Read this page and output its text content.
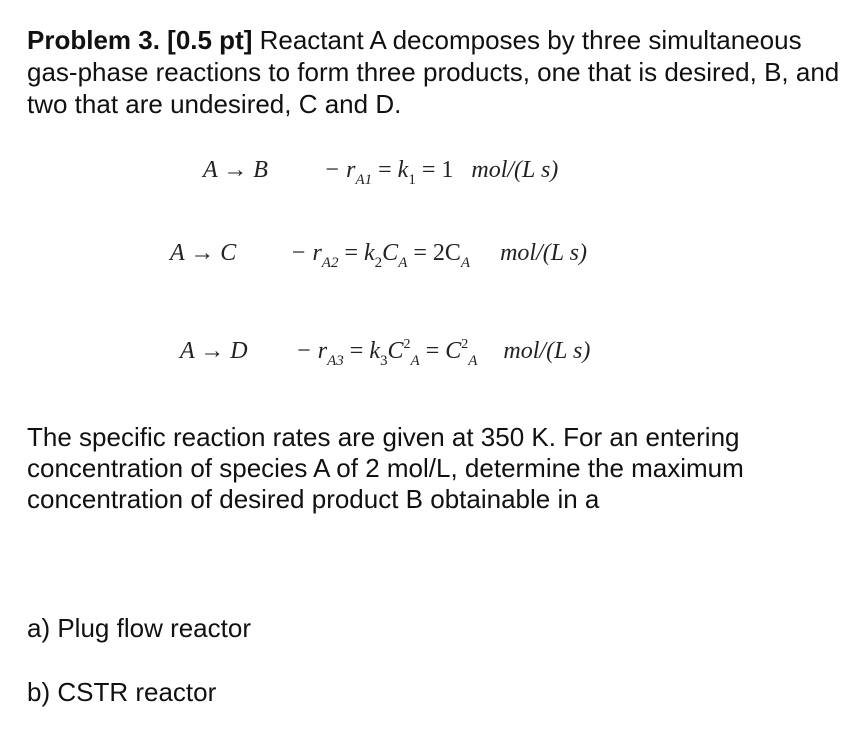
Problem 3. [0.5 pt] Reactant A decomposes by three simultaneous gas-phase reactions to form three products, one that is desired, B, and two that are undesired, C and D.

$A \to B - r_{A1} = k_1 = 1$ mol/(L s)
$A \to C - r_{A2} = k_2C_A = 2C_A$ mol/(L s)
$A \to D - r_{A3} = k_3C^2_A = C^2_A$ mol/(L s)

The specific reaction rates are given at 350 K. For an entering concentration of species A of 2 mol/L, determine the maximum concentration of desired product B obtainable in a

a) Plug flow reactor

b) CSTR reactor
